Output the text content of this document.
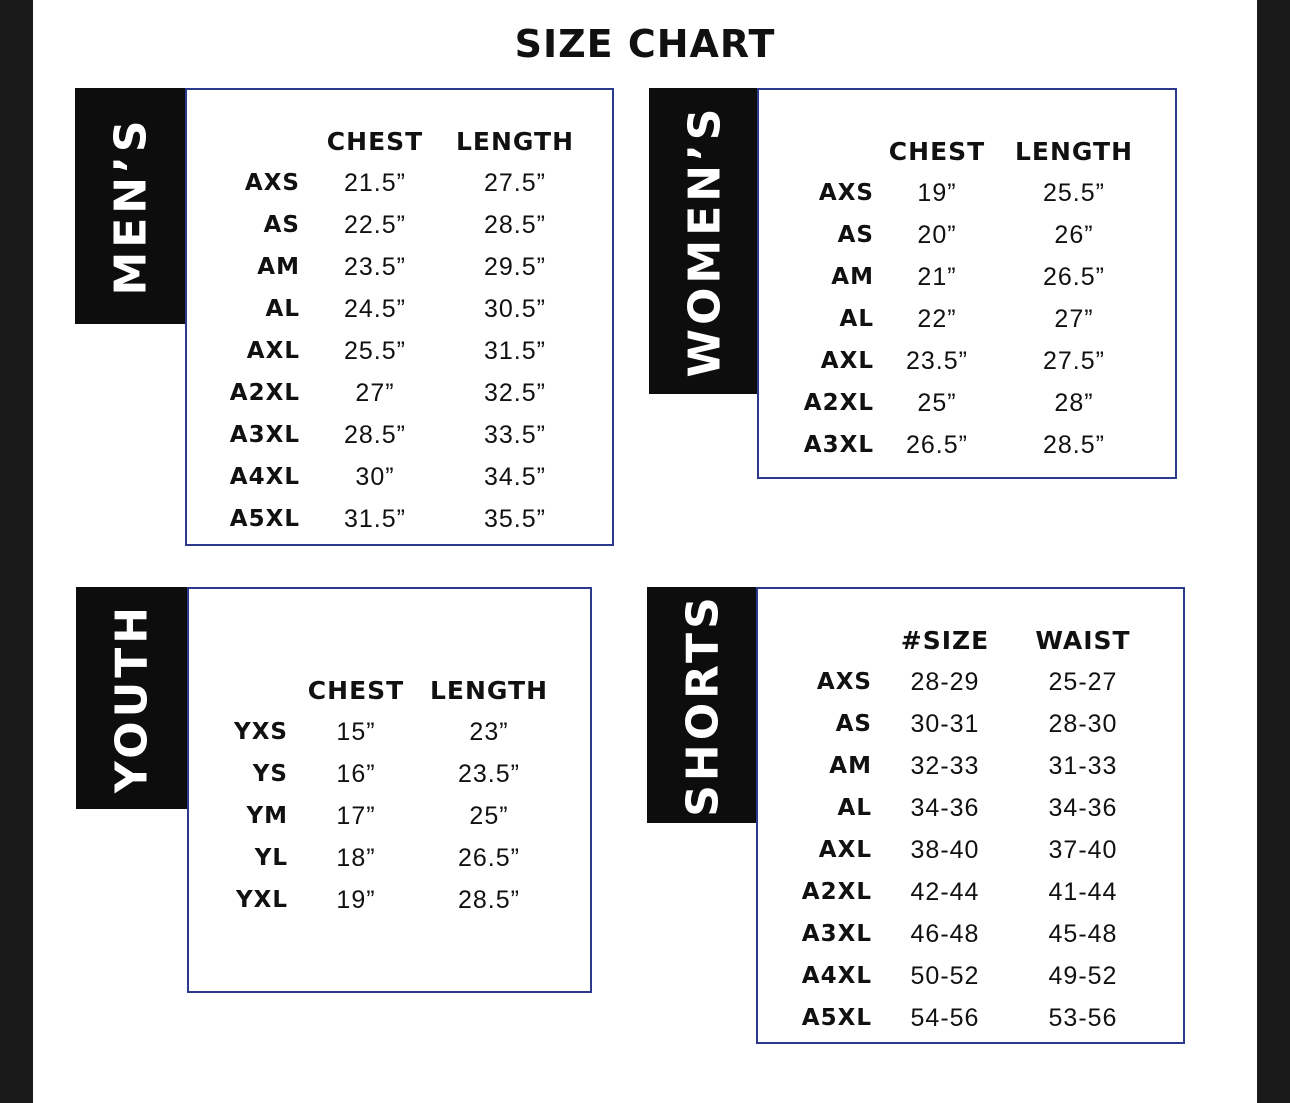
SIZE CHART
MEN’S
		CHEST	LENGTH
AXS	21.5”	27.5”
AS	22.5”	28.5”
AM	23.5”	29.5”
AL	24.5”	30.5”
AXL	25.5”	31.5”
A2XL	27”	32.5”
A3XL	28.5”	33.5”
A4XL	30”	34.5”
A5XL	31.5”	35.5”
WOMEN’S
		CHEST	LENGTH
AXS	19”	25.5”
AS	20”	26”
AM	21”	26.5”
AL	22”	27”
AXL	23.5”	27.5”
A2XL	25”	28”
A3XL	26.5”	28.5”
YOUTH
		CHEST	LENGTH
YXS	15”	23”
YS	16”	23.5”
YM	17”	25”
YL	18”	26.5”
YXL	19”	28.5”
SHORTS
		#SIZE	WAIST
AXS	28-29	25-27
AS	30-31	28-30
AM	32-33	31-33
AL	34-36	34-36
AXL	38-40	37-40
A2XL	42-44	41-44
A3XL	46-48	45-48
A4XL	50-52	49-52
A5XL	54-56	53-56
